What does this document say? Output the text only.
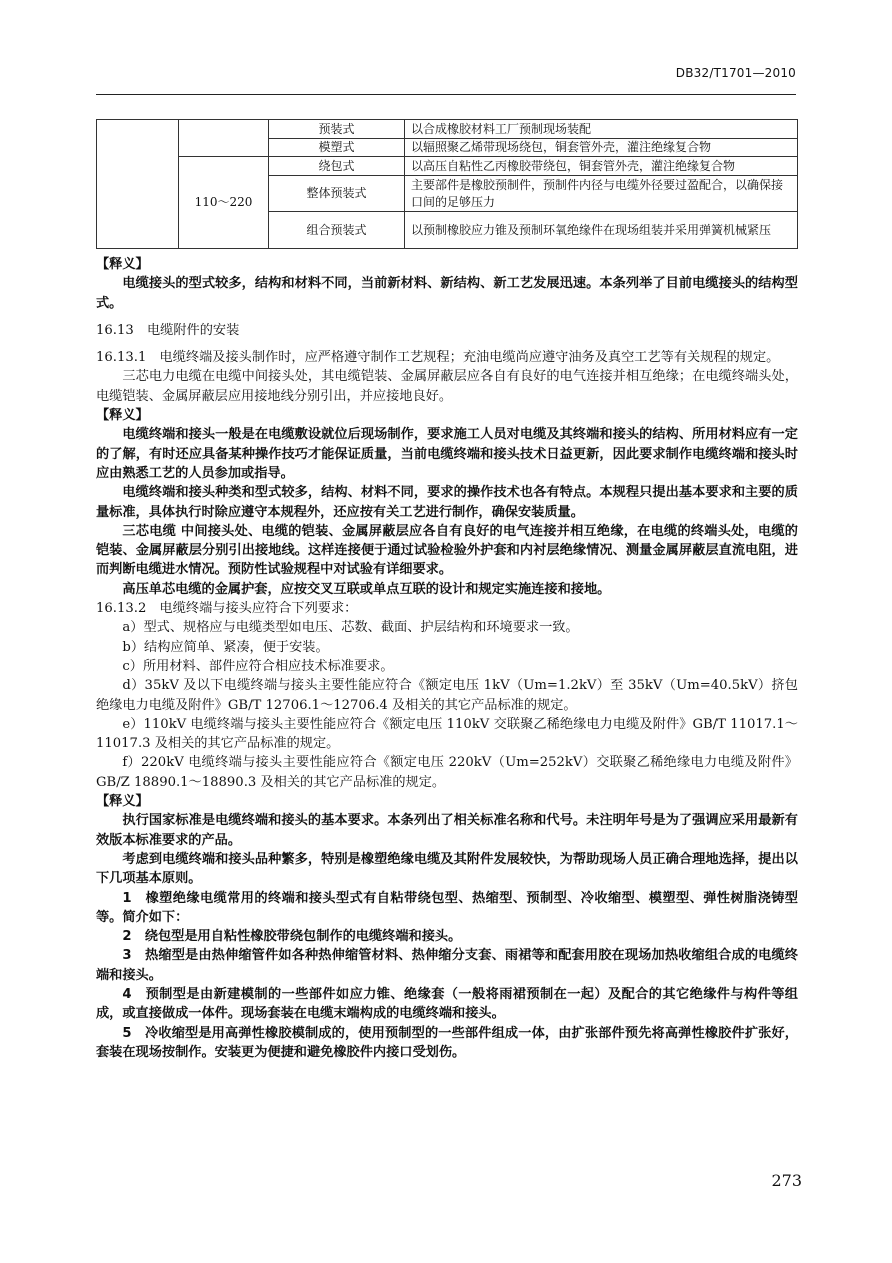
DB32/T1701—2010
		预装式	以合成橡胶材料工厂预制现场装配
		模塑式	以辐照聚乙烯带现场绕包，铜套管外壳，灌注绝缘复合物
	110～220	绕包式	以高压自粘性乙丙橡胶带绕包，铜套管外壳，灌注绝缘复合物
		整体预装式	主要部件是橡胶预制件，预制件内径与电缆外径要过盈配合，以确保接口间的足够压力
		组合预装式	以预制橡胶应力锥及预制环氧绝缘件在现场组装并采用弹簧机械紧压

【释义】

电缆接头的型式较多，结构和材料不同，当前新材料、新结构、新工艺发展迅速。本条列举了目前电缆接头的结构型式。

16.13　电缆附件的安装

16.13.1　电缆终端及接头制作时，应严格遵守制作工艺规程；充油电缆尚应遵守油务及真空工艺等有关规程的规定。

三芯电力电缆在电缆中间接头处，其电缆铠装、金属屏蔽层应各自有良好的电气连接并相互绝缘；在电缆终端头处，电缆铠装、金属屏蔽层应用接地线分别引出，并应接地良好。

【释义】

电缆终端和接头一般是在电缆敷设就位后现场制作，要求施工人员对电缆及其终端和接头的结构、所用材料应有一定的了解，有时还应具备某种操作技巧才能保证质量，当前电缆终端和接头技术日益更新，因此要求制作电缆终端和接头时应由熟悉工艺的人员参加或指导。

电缆终端和接头种类和型式较多，结构、材料不同，要求的操作技术也各有特点。本规程只提出基本要求和主要的质量标准，具体执行时除应遵守本规程外，还应按有关工艺进行制作，确保安装质量。

三芯电缆 中间接头处、电缆的铠装、金属屏蔽层应各自有良好的电气连接并相互绝缘，在电缆的终端头处，电缆的铠装、金属屏蔽层分别引出接地线。这样连接便于通过试验检验外护套和内衬层绝缘情况、测量金属屏蔽层直流电阻，进而判断电缆进水情况。预防性试验规程中对试验有详细要求。

高压单芯电缆的金属护套，应按交叉互联或单点互联的设计和规定实施连接和接地。

16.13.2　电缆终端与接头应符合下列要求：

a）型式、规格应与电缆类型如电压、芯数、截面、护层结构和环境要求一致。

b）结构应简单、紧凑，便于安装。

c）所用材料、部件应符合相应技术标准要求。

d）35kV 及以下电缆终端与接头主要性能应符合《额定电压 1kV（Um=1.2kV）至 35kV（Um=40.5kV）挤包绝缘电力电缆及附件》GB/T 12706.1～12706.4 及相关的其它产品标准的规定。

e）110kV 电缆终端与接头主要性能应符合《额定电压 110kV 交联聚乙稀绝缘电力电缆及附件》GB/T 11017.1～11017.3 及相关的其它产品标准的规定。

f）220kV 电缆终端与接头主要性能应符合《额定电压 220kV（Um=252kV）交联聚乙稀绝缘电力电缆及附件》GB/Z 18890.1～18890.3 及相关的其它产品标准的规定。

【释义】

执行国家标准是电缆终端和接头的基本要求。本条列出了相关标准名称和代号。未注明年号是为了强调应采用最新有效版本标准要求的产品。

考虑到电缆终端和接头品种繁多，特别是橡塑绝缘电缆及其附件发展较快，为帮助现场人员正确合理地选择，提出以下几项基本原则。

1　橡塑绝缘电缆常用的终端和接头型式有自粘带绕包型、热缩型、预制型、冷收缩型、模塑型、弹性树脂浇铸型等。简介如下：

2　绕包型是用自粘性橡胶带绕包制作的电缆终端和接头。

3　热缩型是由热伸缩管件如各种热伸缩管材料、热伸缩分支套、雨裙等和配套用胶在现场加热收缩组合成的电缆终端和接头。

4　预制型是由新建模制的一些部件如应力锥、绝缘套（一般将雨裙预制在一起）及配合的其它绝缘件与构件等组成，或直接做成一体件。现场套装在电缆末端构成的电缆终端和接头。

5　冷收缩型是用高弹性橡胶模制成的，使用预制型的一些部件组成一体，由扩张部件预先将高弹性橡胶件扩张好，套装在现场按制作。安装更为便捷和避免橡胶件内接口受划伤。

273
